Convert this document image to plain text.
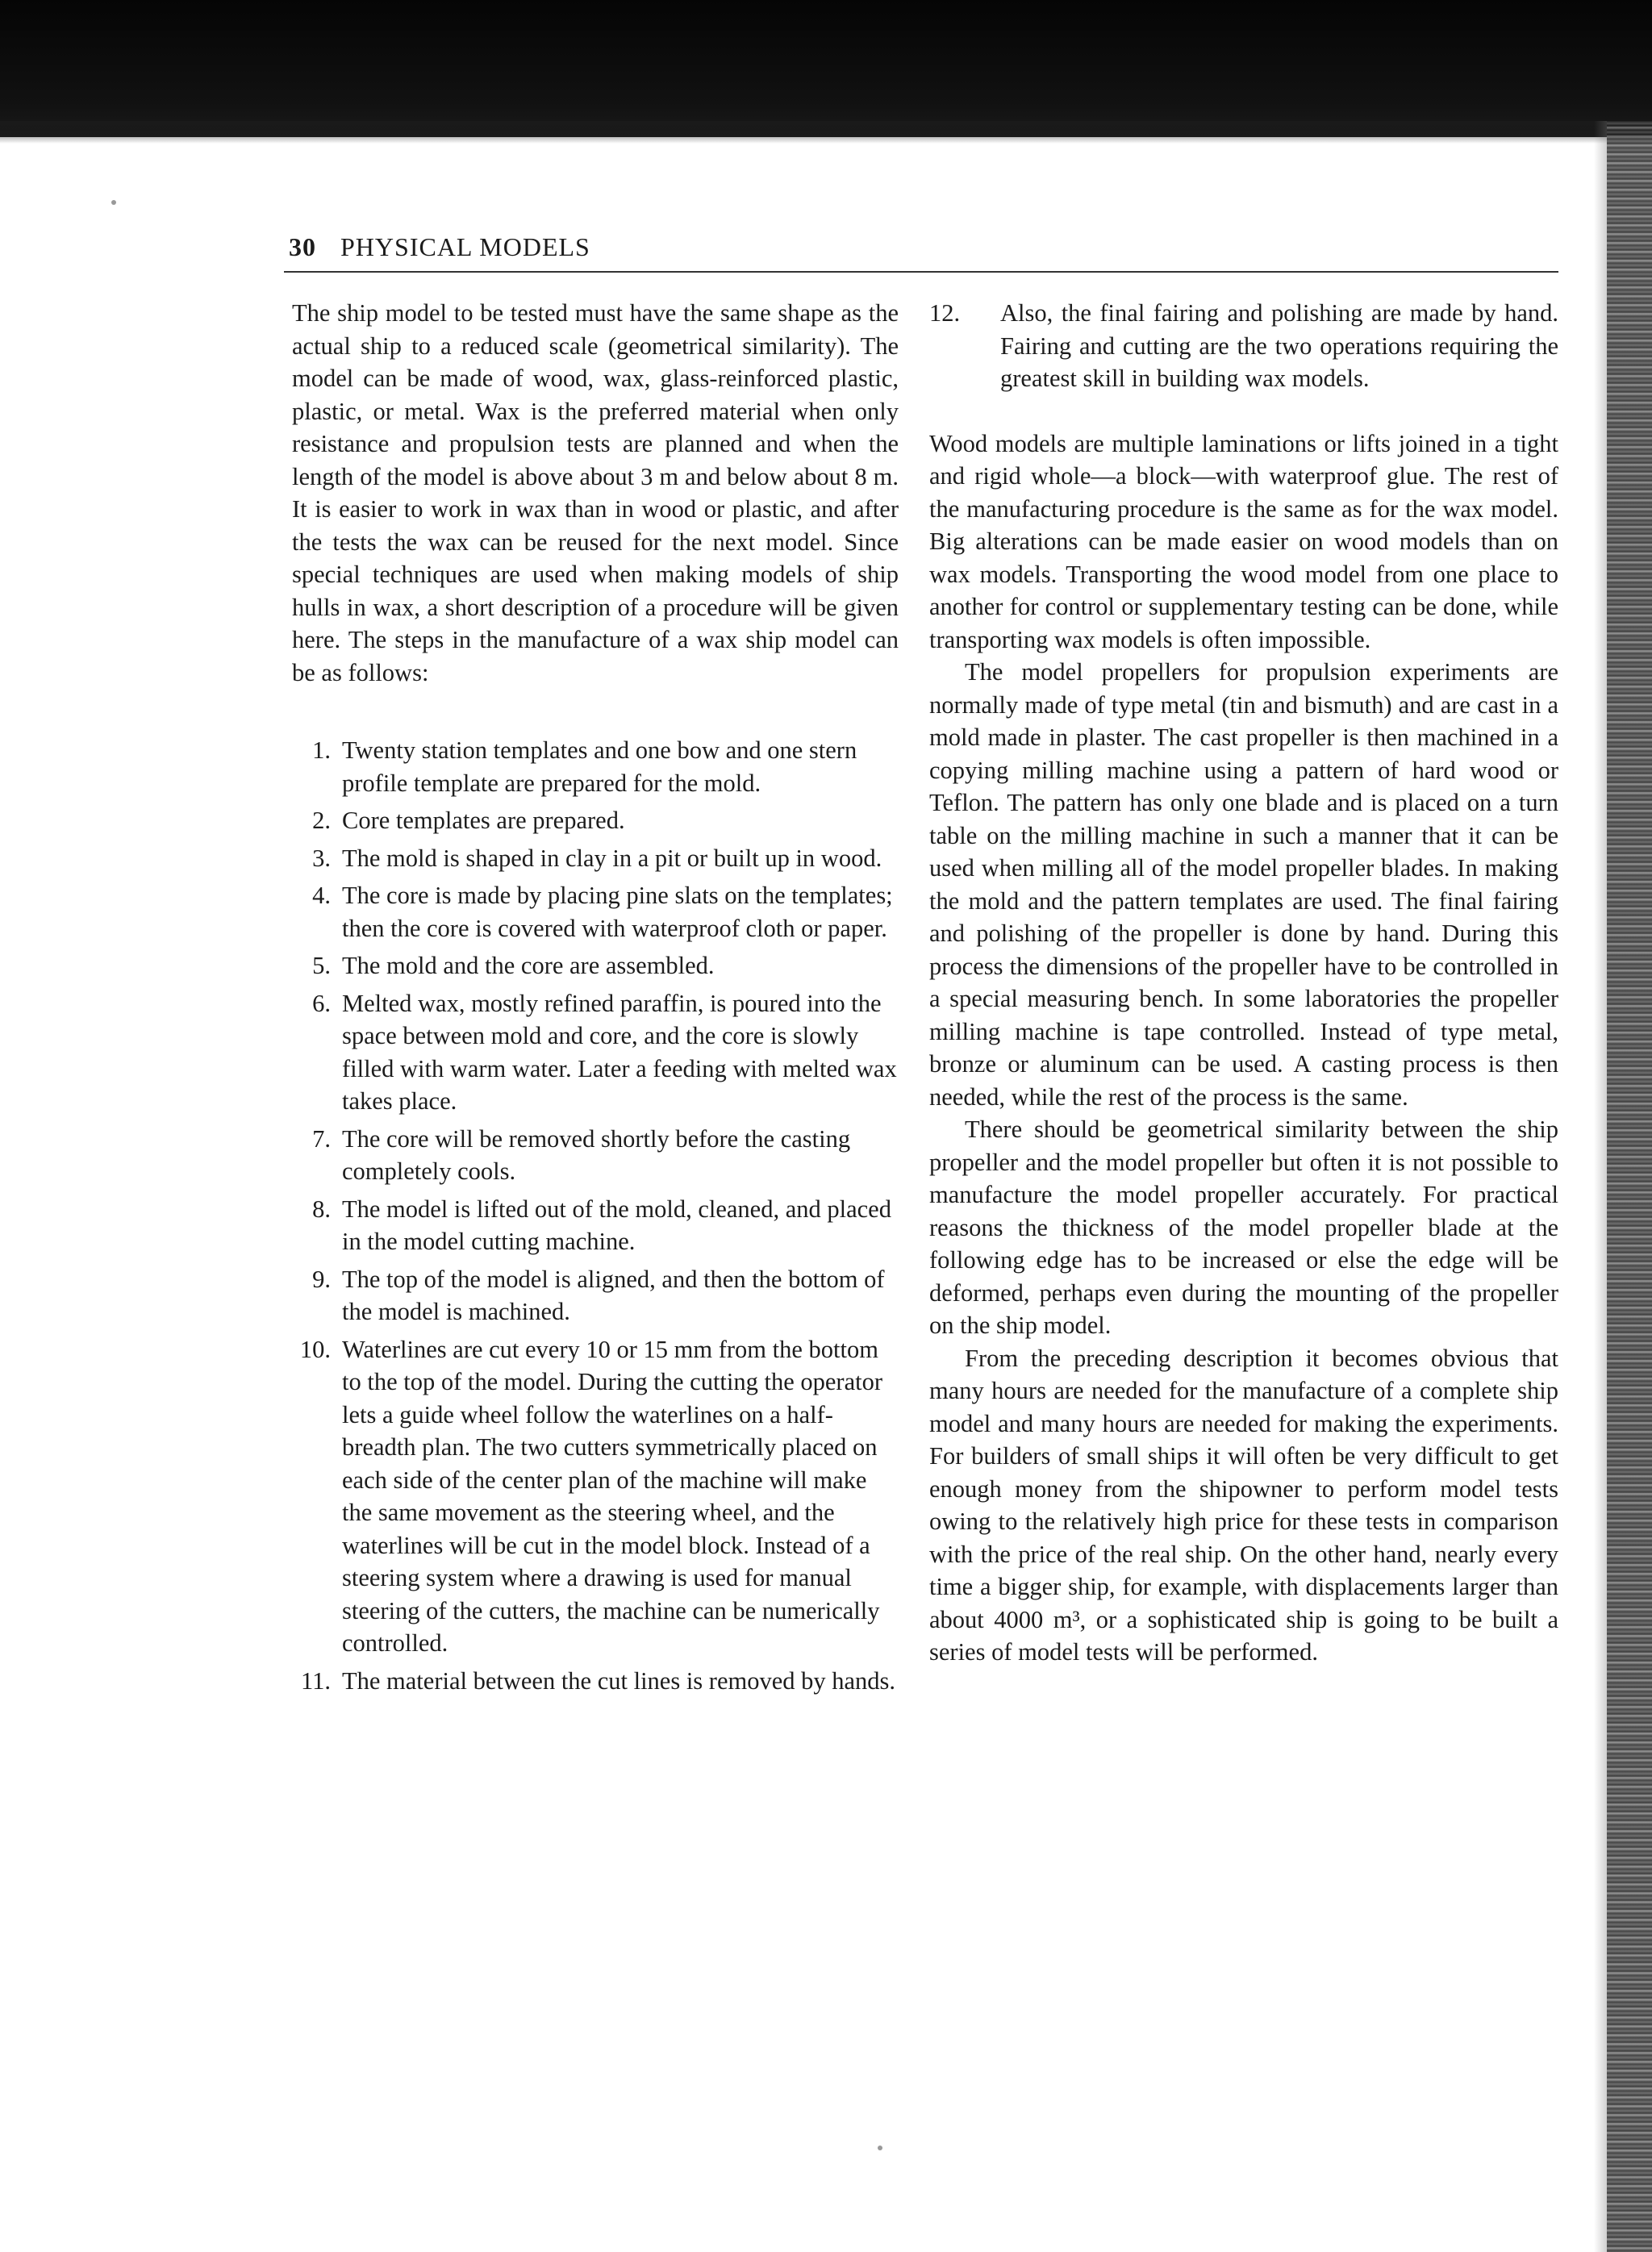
30 PHYSICAL MODELS

The ship model to be tested must have the same shape as the actual ship to a reduced scale (geometrical similarity). The model can be made of wood, wax, glass-reinforced plastic, plastic, or metal. Wax is the preferred material when only resistance and propulsion tests are planned and when the length of the model is above about 3 m and below about 8 m. It is easier to work in wax than in wood or plastic, and after the tests the wax can be reused for the next model. Since special techniques are used when making models of ship hulls in wax, a short description of a procedure will be given here. The steps in the manufacture of a wax ship model can be as follows:

1. Twenty station templates and one bow and one stern profile template are prepared for the mold.
2. Core templates are prepared.
3. The mold is shaped in clay in a pit or built up in wood.
4. The core is made by placing pine slats on the templates; then the core is covered with waterproof cloth or paper.
5. The mold and the core are assembled.
6. Melted wax, mostly refined paraffin, is poured into the space between mold and core, and the core is slowly filled with warm water. Later a feeding with melted wax takes place.
7. The core will be removed shortly before the casting completely cools.
8. The model is lifted out of the mold, cleaned, and placed in the model cutting machine.
9. The top of the model is aligned, and then the bottom of the model is machined.
10. Waterlines are cut every 10 or 15 mm from the bottom to the top of the model. During the cutting the operator lets a guide wheel follow the waterlines on a half-breadth plan. The two cutters symmetrically placed on each side of the center plan of the machine will make the same movement as the steering wheel, and the waterlines will be cut in the model block. Instead of a steering system where a drawing is used for manual steering of the cutters, the machine can be numerically controlled.
11. The material between the cut lines is removed by hands.
12. Also, the final fairing and polishing are made by hand. Fairing and cutting are the two operations requiring the greatest skill in building wax models.

Wood models are multiple laminations or lifts joined in a tight and rigid whole—a block—with waterproof glue. The rest of the manufacturing procedure is the same as for the wax model. Big alterations can be made easier on wood models than on wax models. Transporting the wood model from one place to another for control or supplementary testing can be done, while transporting wax models is often impossible.

The model propellers for propulsion experiments are normally made of type metal (tin and bismuth) and are cast in a mold made in plaster. The cast propeller is then machined in a copying milling machine using a pattern of hard wood or Teflon. The pattern has only one blade and is placed on a turn table on the milling machine in such a manner that it can be used when milling all of the model propeller blades. In making the mold and the pattern templates are used. The final fairing and polishing of the propeller is done by hand. During this process the dimensions of the propeller have to be controlled in a special measuring bench. In some laboratories the propeller milling machine is tape controlled. Instead of type metal, bronze or aluminum can be used. A casting process is then needed, while the rest of the process is the same.

There should be geometrical similarity between the ship propeller and the model propeller but often it is not possible to manufacture the model propeller accurately. For practical reasons the thickness of the model propeller blade at the following edge has to be increased or else the edge will be deformed, perhaps even during the mounting of the propeller on the ship model.

From the preceding description it becomes obvious that many hours are needed for the manufacture of a complete ship model and many hours are needed for making the experiments. For builders of small ships it will often be very difficult to get enough money from the shipowner to perform model tests owing to the relatively high price for these tests in comparison with the price of the real ship. On the other hand, nearly every time a bigger ship, for example, with displacements larger than about 4000 m³, or a sophisticated ship is going to be built a series of model tests will be performed.
